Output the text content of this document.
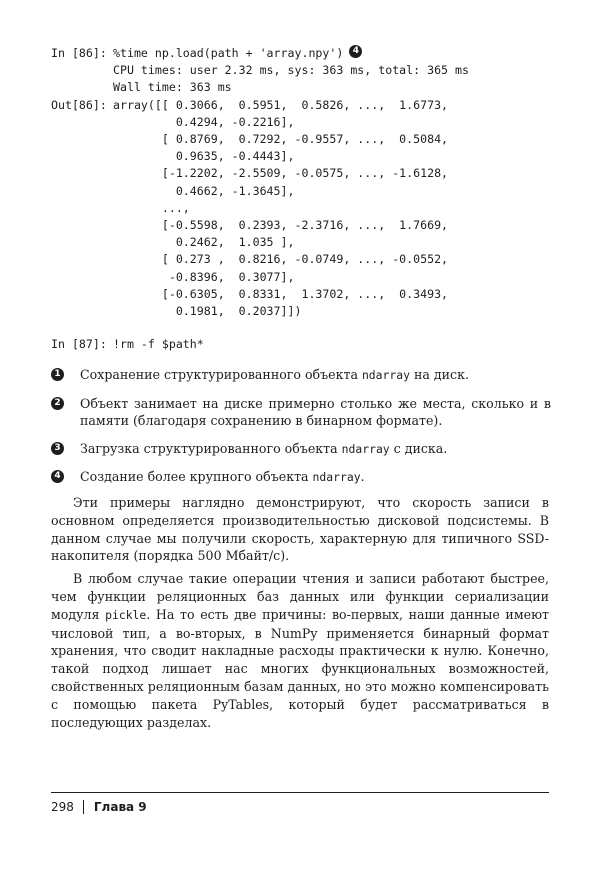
In [86]: %time np.load(path + 'array.npy')	4
CPU times: user 2.32 ms, sys: 363 ms, total: 365 ms
Wall time: 363 ms
Out[86]: array([[ 0.3066,  0.5951,  0.5826, ...,  1.6773,
0.4294, -0.2216],
[ 0.8769,  0.7292, -0.9557, ...,  0.5084,
0.9635, -0.4443],
[-1.2202, -2.5509, -0.0575, ..., -1.6128,
0.4662, -1.3645],
...,
[-0.5598,  0.2393, -2.3716, ...,  1.7669,
0.2462,  1.035 ],
[ 0.273 ,  0.8216, -0.0749, ..., -0.0552,
-0.8396,  0.3077],
[-0.6305,  0.8331,  1.3702, ...,  0.3493,
0.1981,  0.2037]])
In [87]: !rm -f $path*
1 Сохранение структурированного объекта ndarray на диск.
2 Объект занимает на диске примерно столько же места, сколько и в памяти (благодаря сохранению в бинарном формате).
3 Загрузка структурированного объекта ndarray с диска.
4 Создание более крупного объекта ndarray.

Эти примеры наглядно демонстрируют, что скорость записи в основном определяется производительностью дисковой подсистемы. В данном случае мы получили скорость, характерную для типичного SSD-накопителя (порядка 500 Мбайт/с).

В любом случае такие операции чтения и записи работают быстрее, чем функции реляционных баз данных или функции сериализации модуля pickle. На то есть две причины: во-первых, наши данные имеют числовой тип, а во-вторых, в NumPy применяется бинарный формат хранения, что сводит накладные расходы практически к нулю. Конечно, такой подход лишает нас многих функциональных возможностей, свойственных реляционным базам данных, но это можно компенсировать с помощью пакета PyTables, который будет рассматриваться в последующих разделах.

298 Глава 9
